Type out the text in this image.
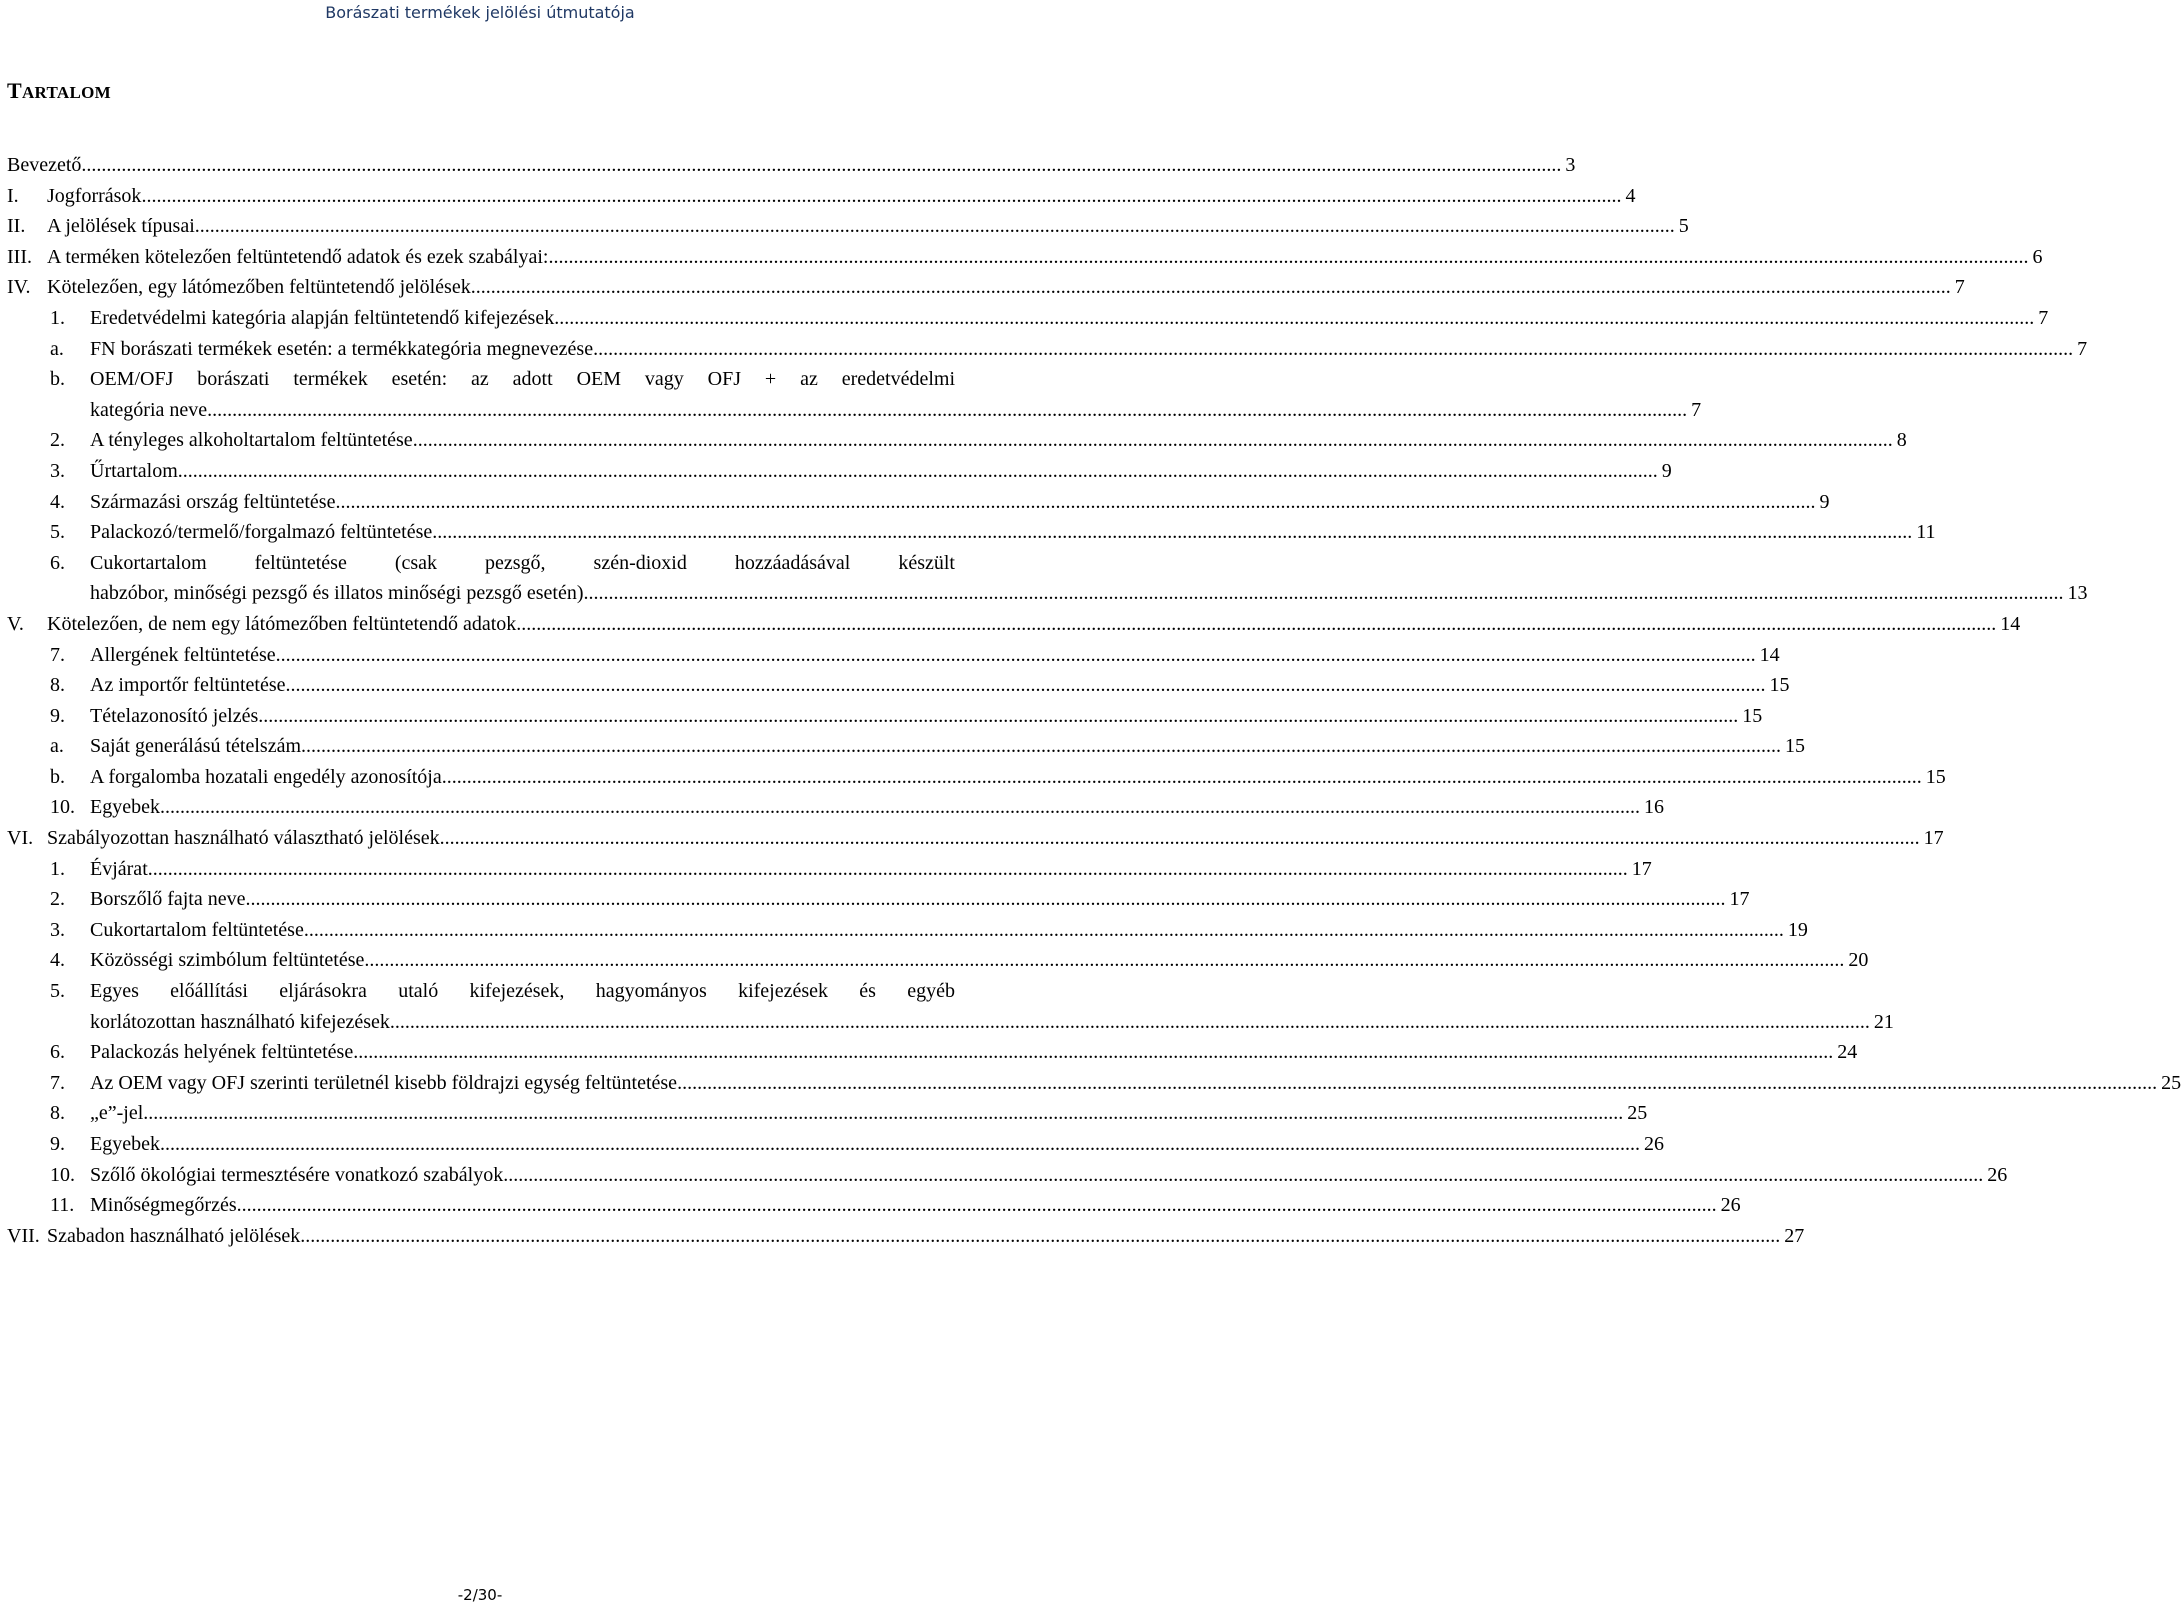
Borászati termékek jelölési útmutatója
TARTALOM
Bevezető .....	3
I.	Jogforrások .....	4
II.	A jelölések típusai .....	5
III. A terméken kötelezően feltüntetendő adatok és ezek szabályai: .....	6
IV. Kötelezően, egy látómezőben feltüntetendő jelölések .....	7
1.	Eredetvédelmi kategória alapján feltüntetendő kifejezések .....	7
a.	FN borászati termékek esetén: a termékkategória megnevezése .....	7
b.	OEM/OFJ borászati termékek esetén: az adott OEM vagy OFJ + az eredetvédelmi
kategória neve .....	7
2.	A tényleges alkoholtartalom feltüntetése .....	8
3.	Űrtartalom .....	9
4.	Származási ország feltüntetése .....	9
5.	Palackozó/termelő/forgalmazó feltüntetése .....	11
6.	Cukortartalom feltüntetése (csak pezsgő, szén-dioxid hozzáadásával készült
habzóbor, minőségi pezsgő és illatos minőségi pezsgő esetén) .....	13
V.	Kötelezően, de nem egy látómezőben feltüntetendő adatok .....	14
7.	Allergének feltüntetése .....	14
8.	Az importőr feltüntetése .....	15
9.	Tételazonosító jelzés .....	15
a.	Saját generálású tételszám .....	15
b.	A forgalomba hozatali engedély azonosítója .....	15
10. Egyebek .....	16
VI. Szabályozottan használható választható jelölések .....	17
1.	Évjárat .....	17
2.	Borszőlő fajta neve .....	17
3.	Cukortartalom feltüntetése .....	19
4.	Közösségi szimbólum feltüntetése .....	20
5.	Egyes előállítási eljárásokra utaló kifejezések, hagyományos kifejezések és egyéb
korlátozottan használható kifejezések .....	21
6.	Palackozás helyének feltüntetése .....	24
7.	Az OEM vagy OFJ szerinti területnél kisebb földrajzi egység feltüntetése .....	25
8.	„e”-jel .....	25
9.	Egyebek .....	26
10. Szőlő ökológiai termesztésére vonatkozó szabályok .....	26
11. Minőségmegőrzés .....	26
VII. Szabadon használható jelölések .....	27
-2/30-
